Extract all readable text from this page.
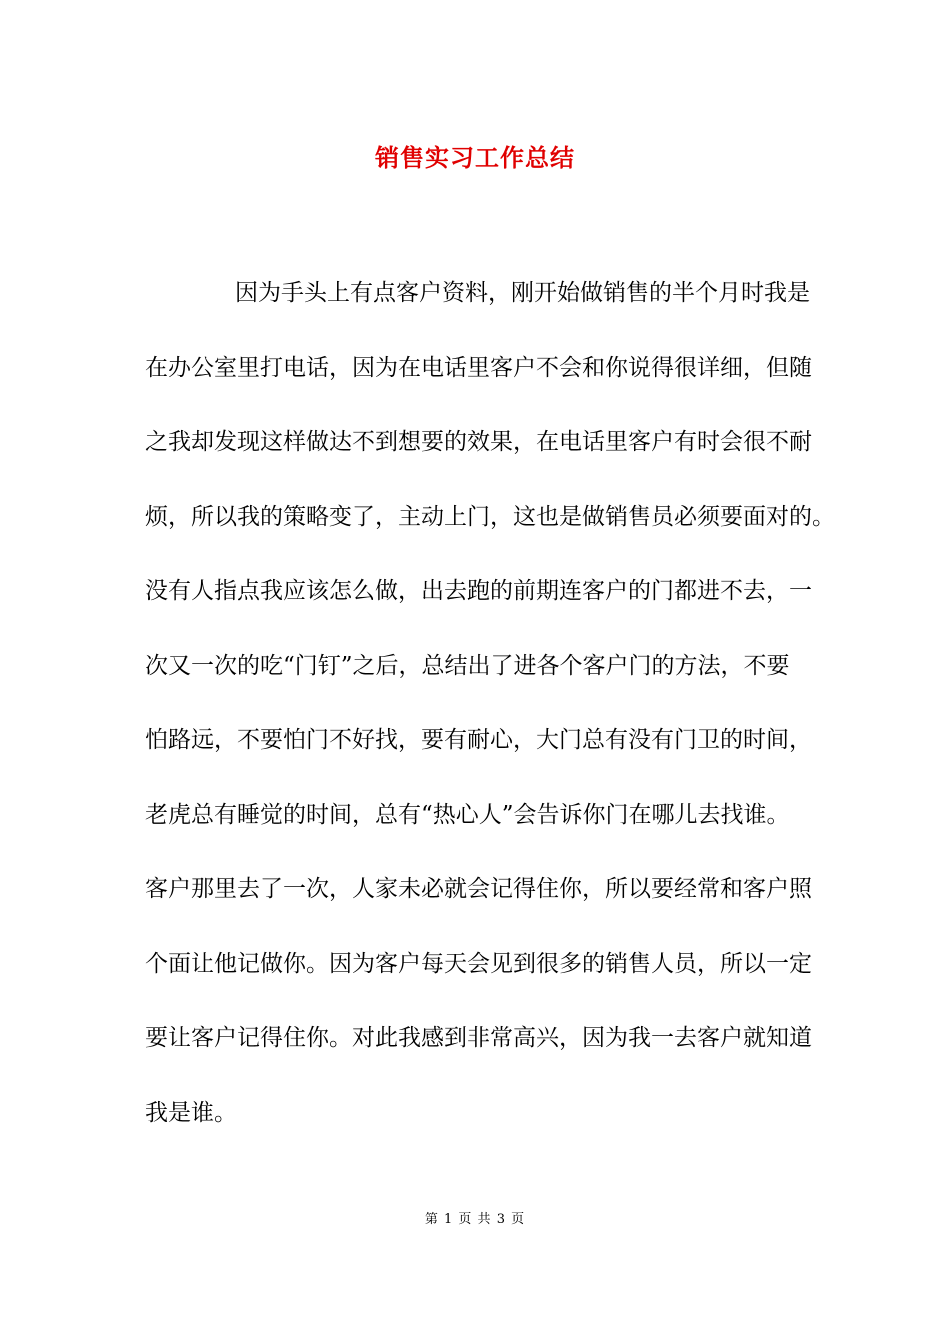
销售实习工作总结
因为手头上有点客户资料，刚开始做销售的半个月时我是
在办公室里打电话，因为在电话里客户不会和你说得很详细，但随
之我却发现这样做达不到想要的效果，在电话里客户有时会很不耐
烦，所以我的策略变了，主动上门，这也是做销售员必须要面对的。
没有人指点我应该怎么做，出去跑的前期连客户的门都进不去，一
次又一次的吃“门钉”之后，总结出了进各个客户门的方法，不要
怕路远，不要怕门不好找，要有耐心，大门总有没有门卫的时间，
老虎总有睡觉的时间，总有“热心人”会告诉你门在哪儿去找谁。
客户那里去了一次，人家未必就会记得住你，所以要经常和客户照
个面让他记做你。因为客户每天会见到很多的销售人员，所以一定
要让客户记得住你。对此我感到非常高兴，因为我一去客户就知道
我是谁。
第 1 页 共 3 页
